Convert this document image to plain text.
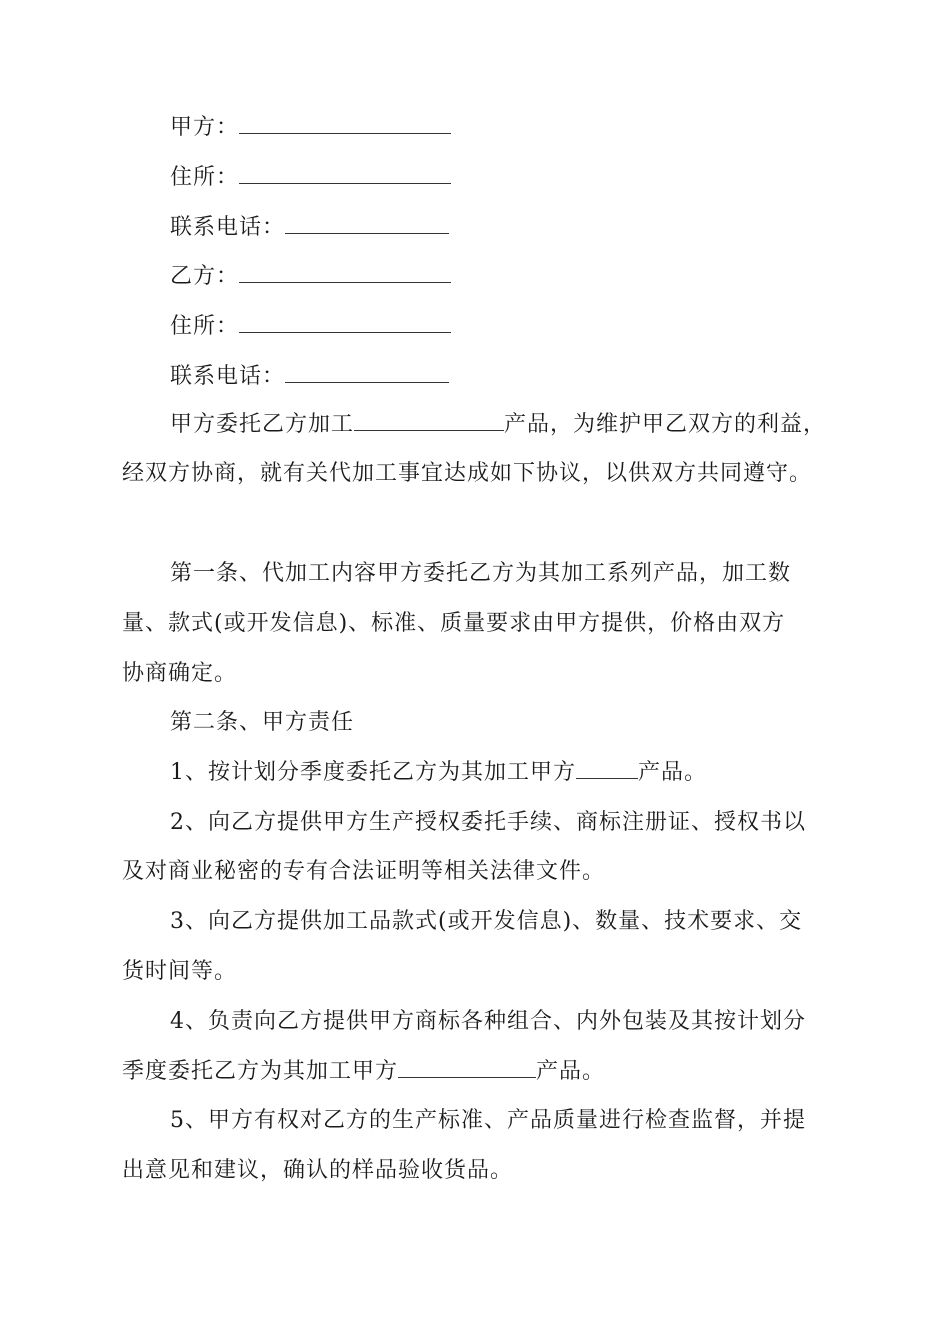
甲方：
住所：
联系电话：
乙方：
住所：
联系电话：
甲方委托乙方加工	产品，为维护甲乙双方的利益，
经双方协商，就有关代加工事宜达成如下协议，以供双方共同遵守。
第一条、代加工内容甲方委托乙方为其加工系列产品，加工数
量、款式(或开发信息)、标准、质量要求由甲方提供，价格由双方
协商确定。
第二条、甲方责任
1、按计划分季度委托乙方为其加工甲方	产品。
2、向乙方提供甲方生产授权委托手续、商标注册证、授权书以
及对商业秘密的专有合法证明等相关法律文件。
3、向乙方提供加工品款式(或开发信息)、数量、技术要求、交
货时间等。
4、负责向乙方提供甲方商标各种组合、内外包装及其按计划分
季度委托乙方为其加工甲方	产品。
5、甲方有权对乙方的生产标准、产品质量进行检查监督，并提
出意见和建议，确认的样品验收货品。
